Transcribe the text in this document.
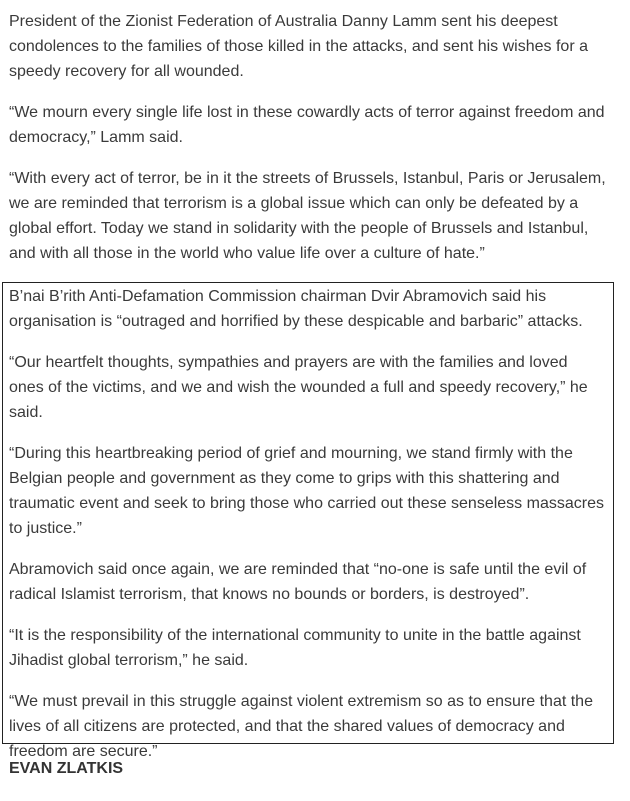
President of the Zionist Federation of Australia Danny Lamm sent his deepest condolences to the families of those killed in the attacks, and sent his wishes for a speedy recovery for all wounded.

“We mourn every single life lost in these cowardly acts of terror against freedom and democracy,” Lamm said.

“With every act of terror, be in it the streets of Brussels, Istanbul, Paris or Jerusalem, we are reminded that terrorism is a global issue which can only be defeated by a global effort. Today we stand in solidarity with the people of Brussels and Istanbul, and with all those in the world who value life over a culture of hate.”

B’nai B’rith Anti-Defamation Commission chairman Dvir Abramovich said his organisation is “outraged and horrified by these despicable and barbaric” attacks.

“Our heartfelt thoughts, sympathies and prayers are with the families and loved ones of the victims, and we and wish the wounded a full and speedy recovery,” he said.

“During this heartbreaking period of grief and mourning, we stand firmly with the Belgian people and government as they come to grips with this shattering and traumatic event and seek to bring those who carried out these senseless massacres to justice.”

Abramovich said once again, we are reminded that “no-one is safe until the evil of radical Islamist terrorism, that knows no bounds or borders, is destroyed”.

“It is the responsibility of the international community to unite in the battle against Jihadist global terrorism,” he said.

“We must prevail in this struggle against violent extremism so as to ensure that the lives of all citizens are protected, and that the shared values of democracy and freedom are secure.”

EVAN ZLATKIS
